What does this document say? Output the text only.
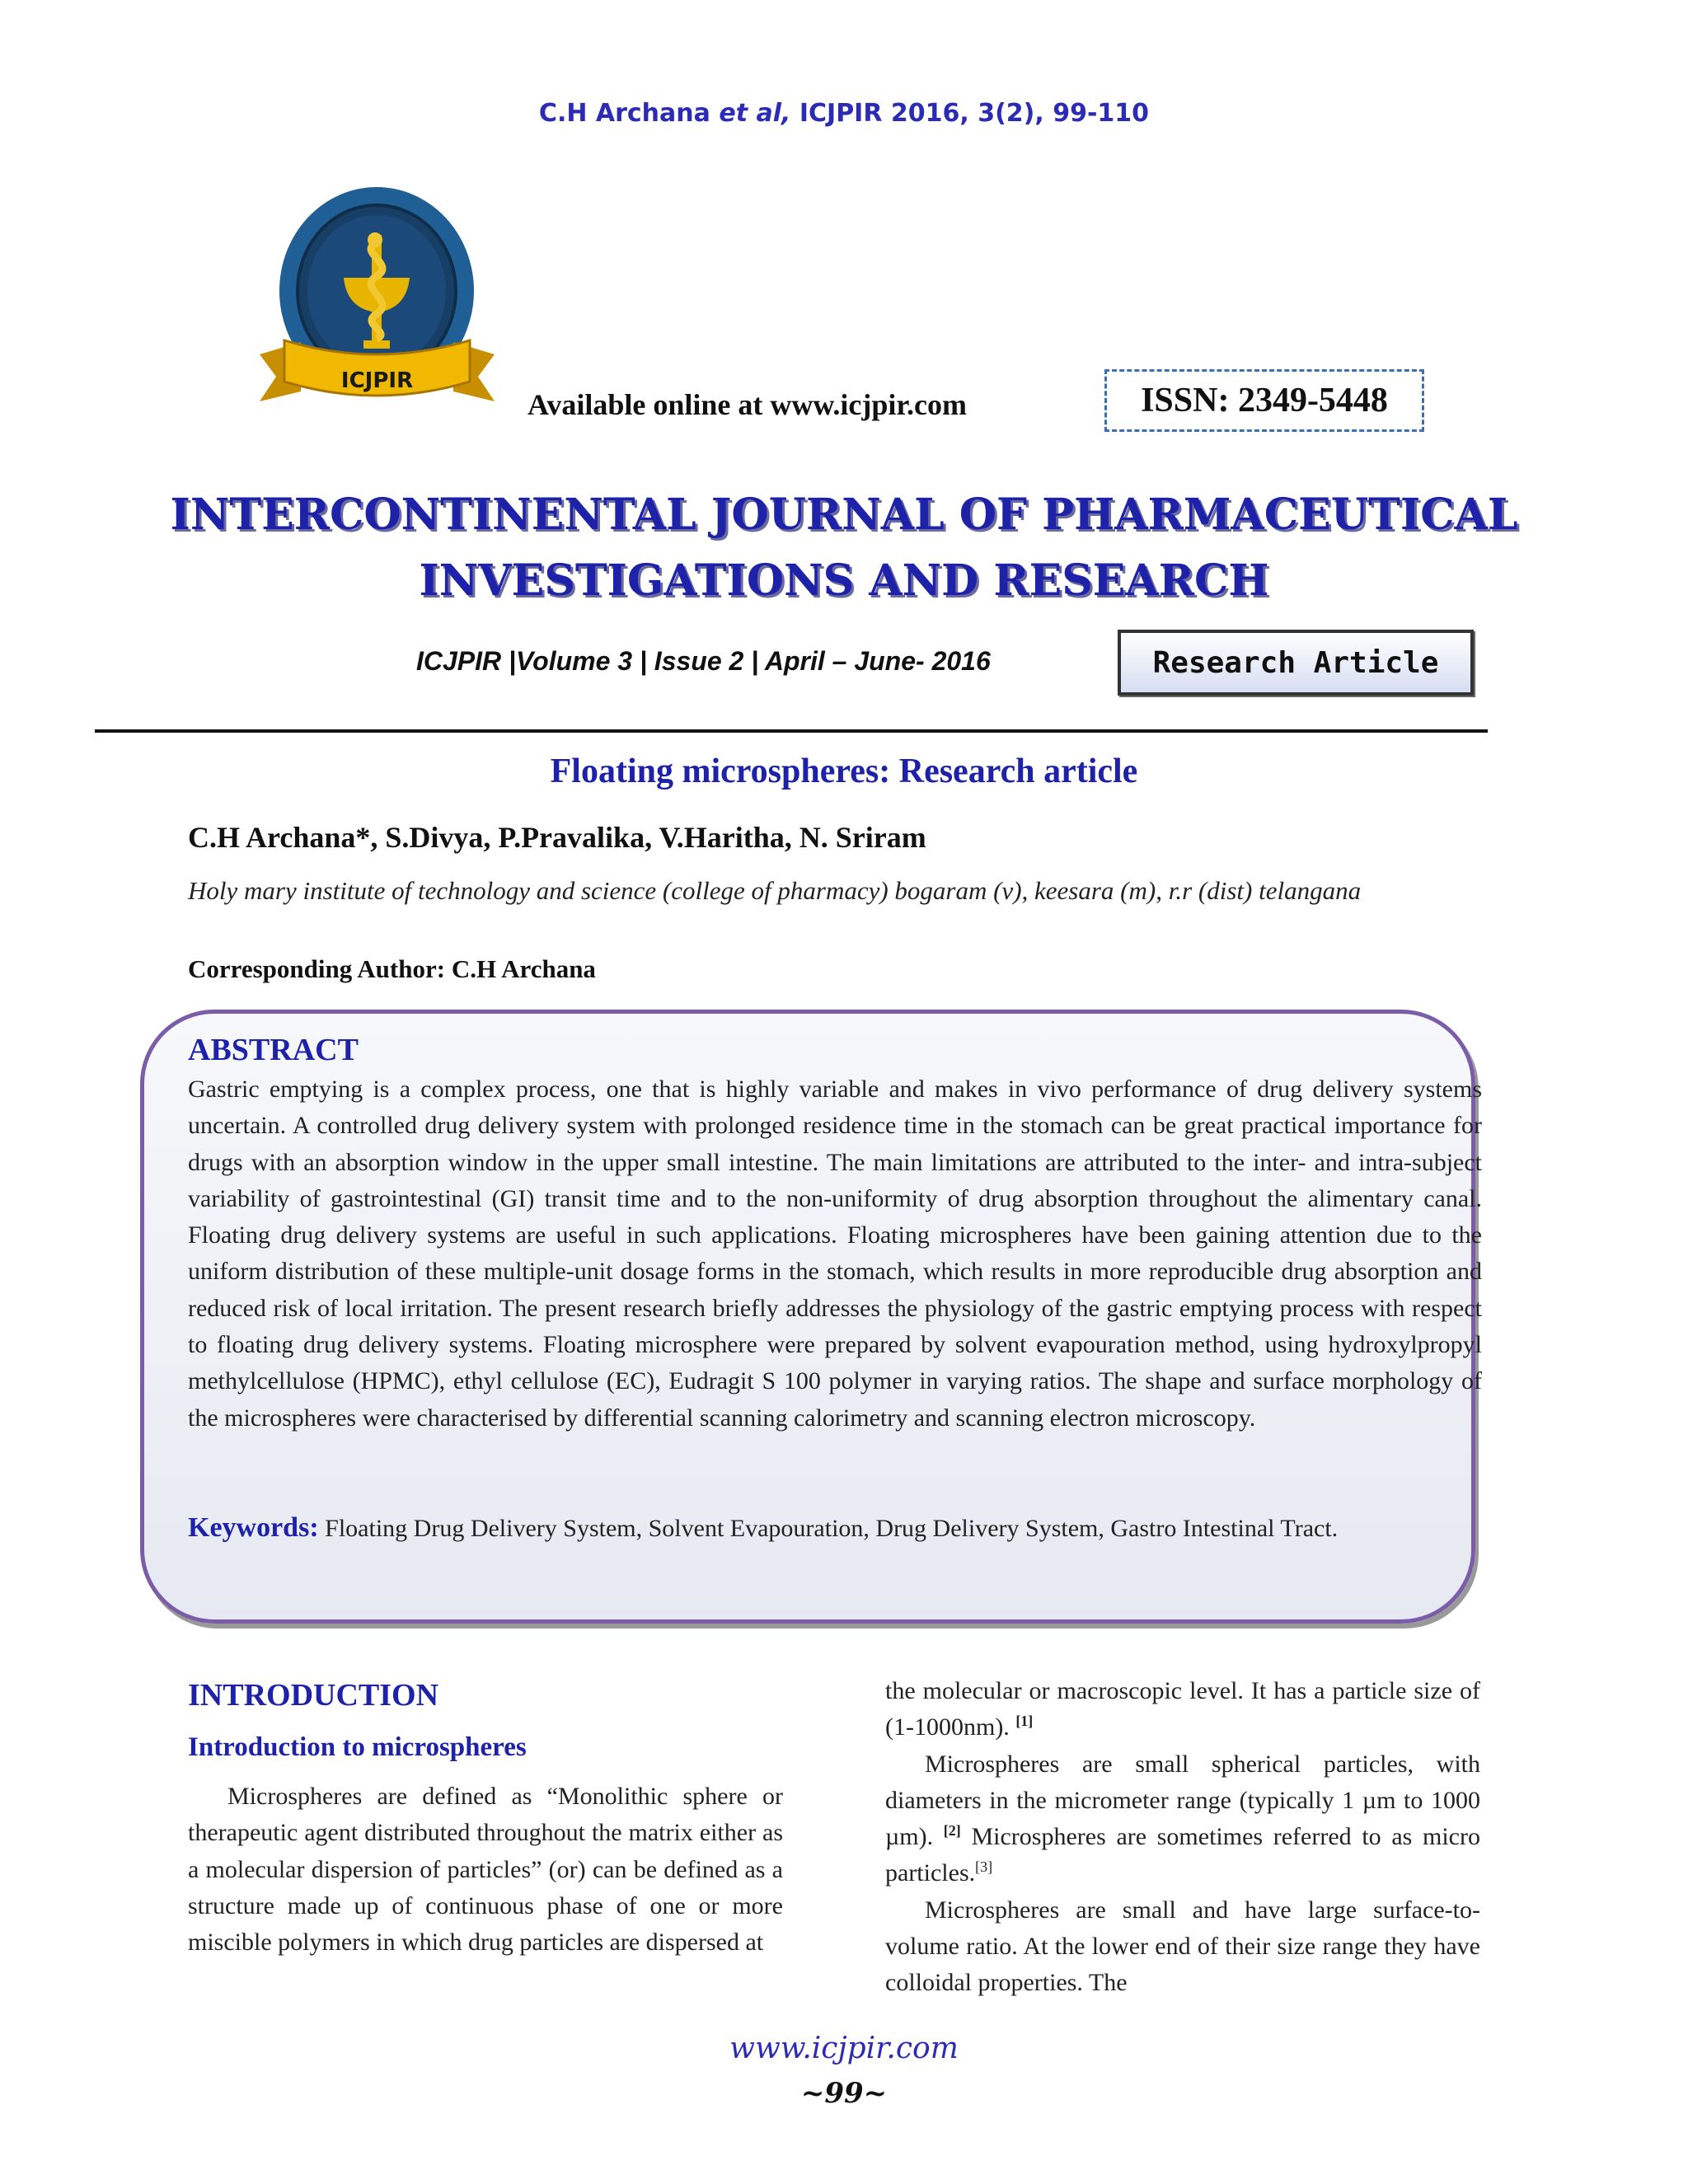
C.H Archana et al, ICJPIR 2016, 3(2), 99-110
ICJPIR
Available online at www.icjpir.com	ISSN: 2349-5448
INTERCONTINENTAL JOURNAL OF PHARMACEUTICAL
INVESTIGATIONS AND RESEARCH
ICJPIR |Volume 3 | Issue 2 | April – June- 2016	Research Article
Floating microspheres: Research article
C.H Archana*, S.Divya, P.Pravalika, V.Haritha, N. Sriram
Holy mary institute of technology and science (college of pharmacy) bogaram (v), keesara (m), r.r (dist) telangana
Corresponding Author: C.H Archana
ABSTRACT
Gastric emptying is a complex process, one that is highly variable and makes in vivo performance of drug delivery systems uncertain. A controlled drug delivery system with prolonged residence time in the stomach can be great practical importance for drugs with an absorption window in the upper small intestine. The main limitations are attributed to the inter- and intra-subject variability of gastrointestinal (GI) transit time and to the non-uniformity of drug absorption throughout the alimentary canal. Floating drug delivery systems are useful in such applications. Floating microspheres have been gaining attention due to the uniform distribution of these multiple-unit dosage forms in the stomach, which results in more reproducible drug absorption and reduced risk of local irritation. The present research briefly addresses the physiology of the gastric emptying process with respect to floating drug delivery systems. Floating microsphere were prepared by solvent evapouration method, using hydroxylpropyl methylcellulose (HPMC), ethyl cellulose (EC), Eudragit S 100 polymer in varying ratios. The shape and surface morphology of the microspheres were characterised by differential scanning calorimetry and scanning electron microscopy.
Keywords: Floating Drug Delivery System, Solvent Evapouration, Drug Delivery System, Gastro Intestinal Tract.
INTRODUCTION
Introduction to microspheres

Microspheres are defined as “Monolithic sphere or therapeutic agent distributed throughout the matrix either as a molecular dispersion of particles” (or) can be defined as a structure made up of continuous phase of one or more miscible polymers in which drug particles are dispersed at

the molecular or macroscopic level. It has a particle size of (1-1000nm). [1]

Microspheres are small spherical particles, with diameters in the micrometer range (typically 1 µm to 1000 µm). [2] Microspheres are sometimes referred to as micro particles.[3]

Microspheres are small and have large surface-to-volume ratio. At the lower end of their size range they have colloidal properties. The

www.icjpir.com
~99~
